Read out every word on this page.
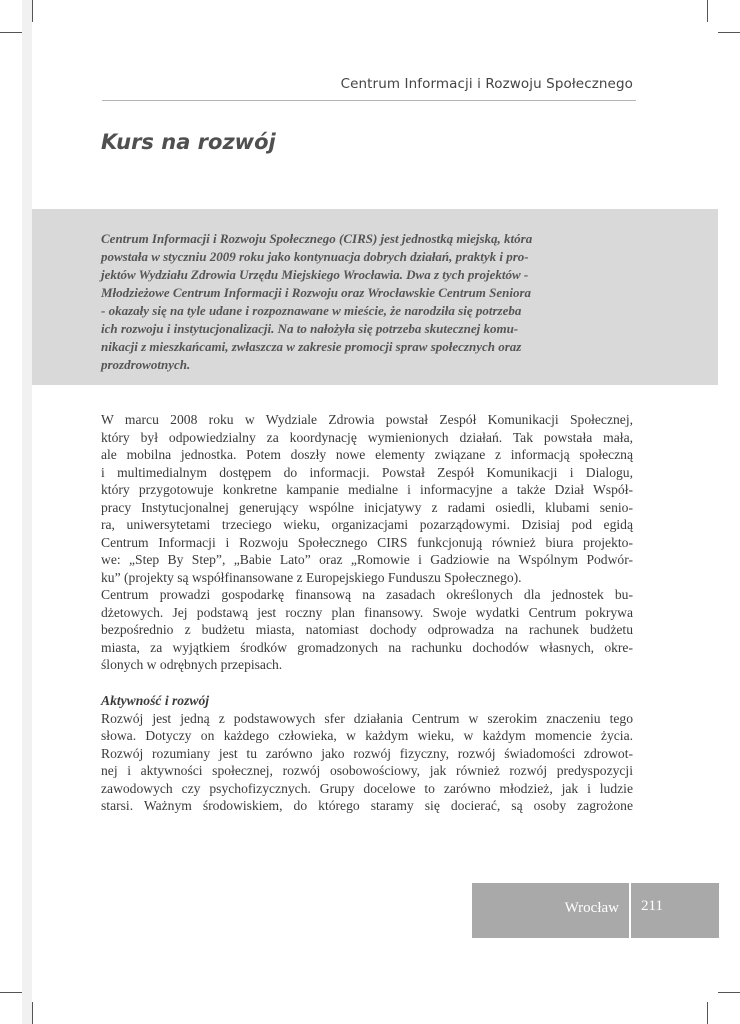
Centrum Informacji i Rozwoju Społecznego
Kurs na rozwój

Centrum Informacji i Rozwoju Społecznego (CIRS) jest jednostką miejską, która
powstała w styczniu 2009 roku jako kontynuacja dobrych działań, praktyk i pro-
jektów Wydziału Zdrowia Urzędu Miejskiego Wrocławia. Dwa z tych projektów -
Młodzieżowe Centrum Informacji i Rozwoju oraz Wrocławskie Centrum Seniora
- okazały się na tyle udane i rozpoznawane w mieście, że narodziła się potrzeba
ich rozwoju i instytucjonalizacji. Na to nałożyła się potrzeba skutecznej komu-
nikacji z mieszkańcami, zwłaszcza w zakresie promocji spraw społecznych oraz
prozdrowotnych.

W marcu 2008 roku w Wydziale Zdrowia powstał Zespół Komunikacji Społecznej,
który był odpowiedzialny za koordynację wymienionych działań. Tak powstała mała,
ale mobilna jednostka. Potem doszły nowe elementy związane z informacją społeczną
i multimedialnym dostępem do informacji. Powstał Zespół Komunikacji i Dialogu,
który przygotowuje konkretne kampanie medialne i informacyjne a także Dział Współ-
pracy Instytucjonalnej generujący wspólne inicjatywy z radami osiedli, klubami senio-
ra, uniwersytetami trzeciego wieku, organizacjami pozarządowymi. Dzisiaj pod egidą
Centrum Informacji i Rozwoju Społecznego CIRS funkcjonują również biura projekto-
we: „Step By Step”, „Babie Lato” oraz „Romowie i Gadziowie na Wspólnym Podwór-
ku” (projekty są współfinansowane z Europejskiego Funduszu Społecznego).
Centrum prowadzi gospodarkę finansową na zasadach określonych dla jednostek bu-
dżetowych. Jej podstawą jest roczny plan finansowy. Swoje wydatki Centrum pokrywa
bezpośrednio z budżetu miasta, natomiast dochody odprowadza na rachunek budżetu
miasta, za wyjątkiem środków gromadzonych na rachunku dochodów własnych, okre-
ślonych w odrębnych przepisach.

Aktywność i rozwój
Rozwój jest jedną z podstawowych sfer działania Centrum w szerokim znaczeniu tego
słowa. Dotyczy on każdego człowieka, w każdym wieku, w każdym momencie życia.
Rozwój rozumiany jest tu zarówno jako rozwój fizyczny, rozwój świadomości zdrowot-
nej i aktywności społecznej, rozwój osobowościowy, jak również rozwój predyspozycji
zawodowych czy psychofizycznych. Grupy docelowe to zarówno młodzież, jak i ludzie
starsi. Ważnym środowiskiem, do którego staramy się docierać, są osoby zagrożone

Wrocław 211
